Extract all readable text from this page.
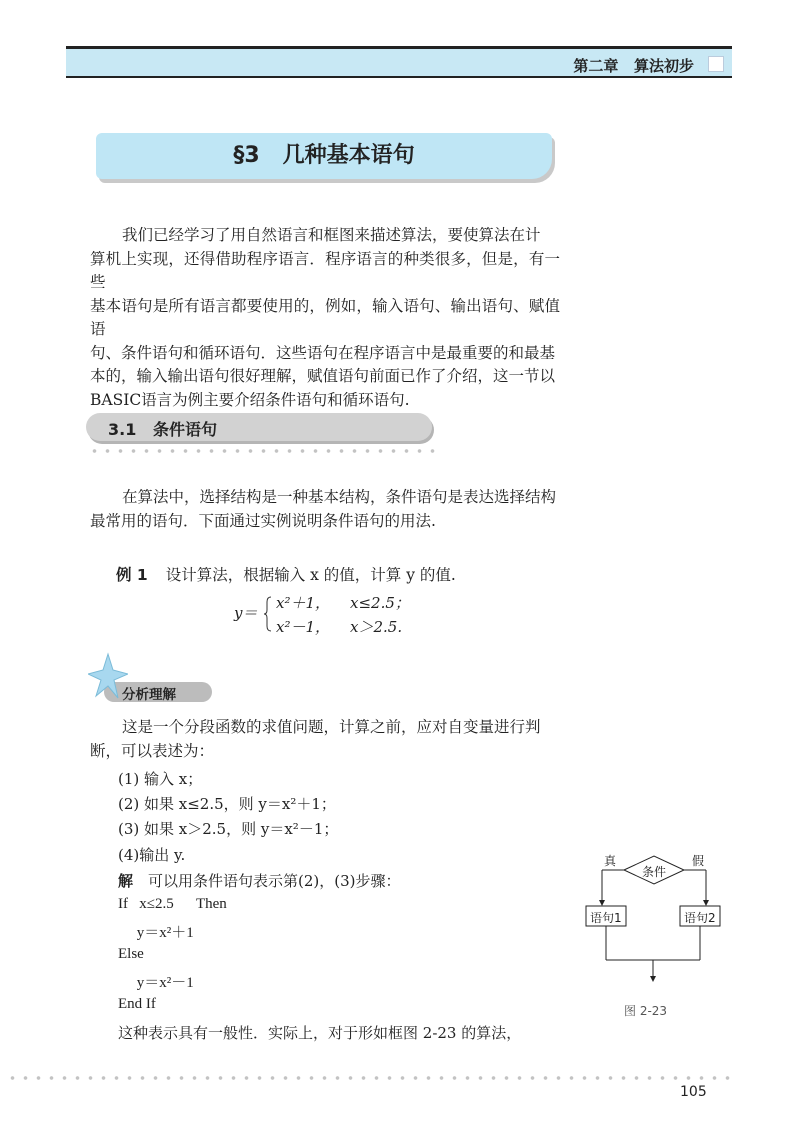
第二章   算法初步
§3   几种基本语句
我们已经学习了用自然语言和框图来描述算法，要使算法在计
算机上实现，还得借助程序语言．程序语言的种类很多，但是，有一些
基本语句是所有语言都要使用的，例如，输入语句、输出语句、赋值语
句、条件语句和循环语句．这些语句在程序语言中是最重要的和最基
本的，输入输出语句很好理解，赋值语句前面已作了介绍，这一节以
BASIC语言为例主要介绍条件语句和循环语句.
3.1   条件语句
在算法中，选择结构是一种基本结构，条件语句是表达选择结构
最常用的语句．下面通过实例说明条件语句的用法.
例 1 设计算法，根据输入 x 的值，计算 y 的值.
y＝
x²＋1， x≤2.5；
x²－1， x＞2.5.
分析理解
这是一个分段函数的求值问题，计算之前，应对自变量进行判
断，可以表述为：
(1) 输入 x；
(2) 如果 x≤2.5，则 y＝x²＋1；
(3) 如果 x＞2.5，则 y＝x²－1；
(4)输出 y.
解 可以用条件语句表示第(2)，(3)步骤：
If   x≤2.5      Then
y＝x²＋1
Else
y＝x²－1
End If
这种表示具有一般性．实际上，对于形如框图 2-23 的算法，
真	假
条件
语句1	语句2
图 2-23
105
